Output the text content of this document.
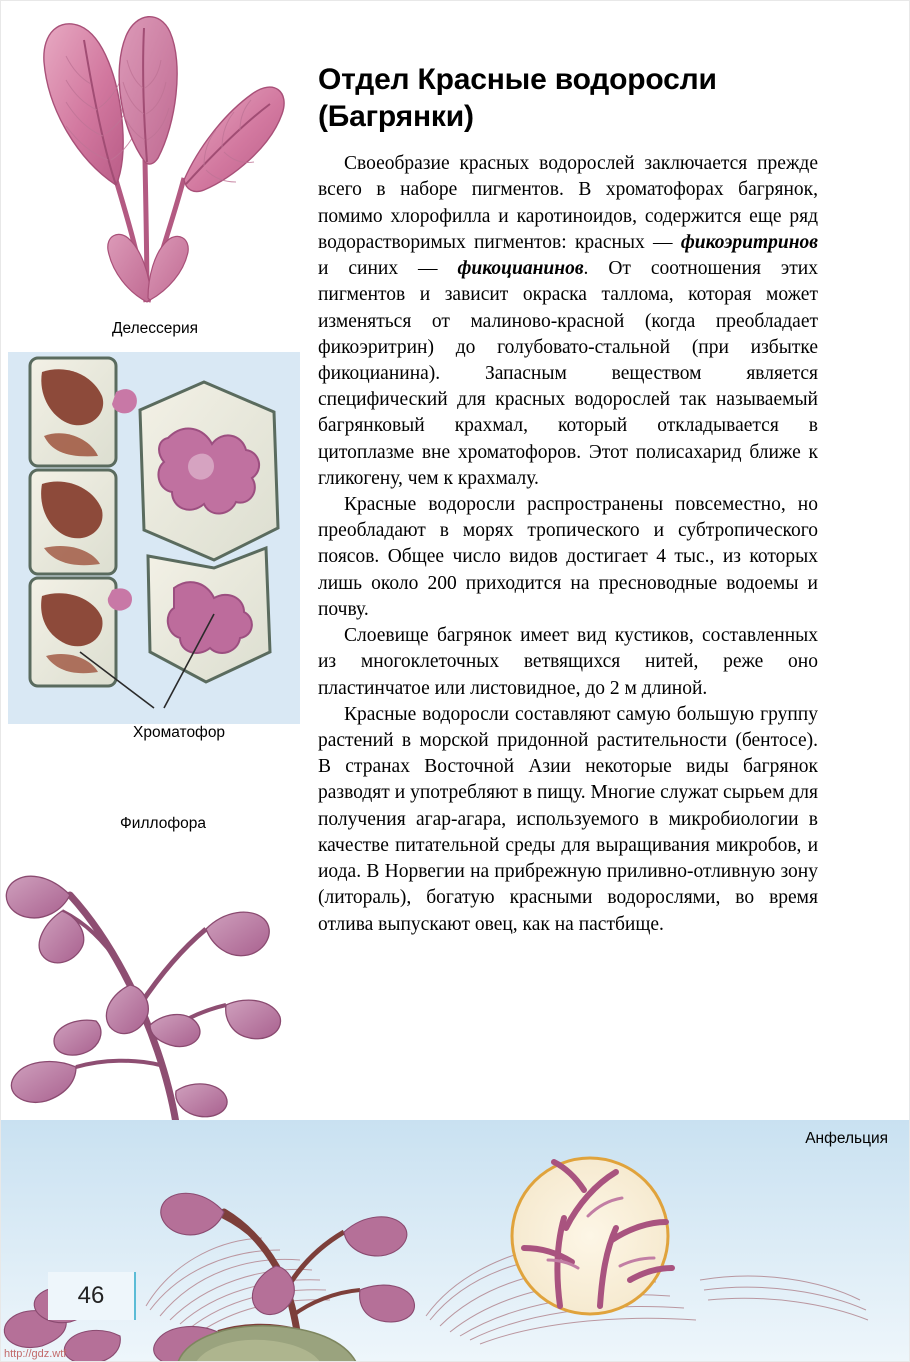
Делессерия
Хроматофор
Филлофора
Анфельция
Отдел Красные водоросли (Багрянки)

Своеобразие красных водорослей заключается прежде всего в наборе пигментов. В хроматофорах багрянок, помимо хлорофилла и каротиноидов, содержится еще ряд водорастворимых пигментов: красных — фикоэритринов и синих — фикоцианинов. От соотношения этих пигментов и зависит окраска таллома, которая может изменяться от малиново-красной (когда преобладает фикоэритрин) до голубовато-стальной (при избытке фикоцианина). Запасным веществом является специфический для красных водорослей так называемый багрянковый крахмал, который откладывается в цитоплазме вне хроматофоров. Этот полисахарид ближе к гликогену, чем к крахмалу.

Красные водоросли распространены повсеместно, но преобладают в морях тропического и субтропического поясов. Общее число видов достигает 4 тыс., из которых лишь около 200 приходится на пресноводные водоемы и почву.

Слоевище багрянок имеет вид кустиков, составленных из многоклеточных ветвящихся нитей, реже оно пластинчатое или листовидное, до 2 м длиной.

Красные водоросли составляют самую большую группу растений в морской придонной растительности (бентосе). В странах Восточной Азии некоторые виды багрянок разводят и употребляют в пищу. Многие служат сырьем для получения агар-агара, используемого в микробиологии в качестве питательной среды для выращивания микробов, и иода. В Норвегии на прибрежную приливно-отливную зону (литораль), богатую красными водорослями, во время отлива выпускают овец, как на пастбище.

46
http://gdz.wtf
